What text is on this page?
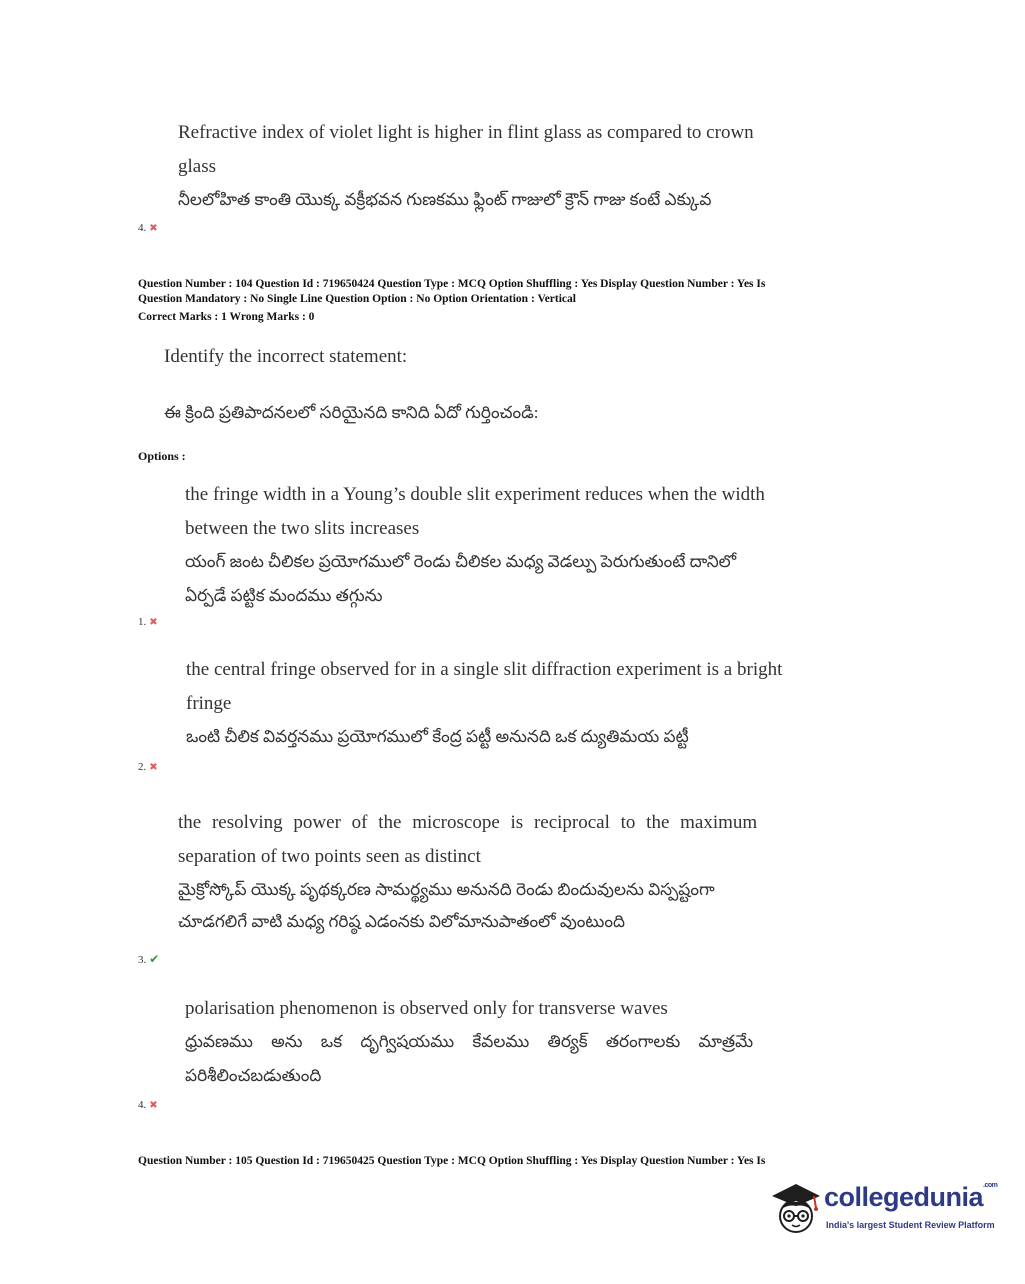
Refractive index of violet light is higher in flint glass as compared to crown
glass
నీలలోహిత కాంతి యొక్క వక్రీభవన గుణకము ఫ్లింట్ గాజులో క్రౌన్ గాజు కంటే ఎక్కువ
4. ✖
Question Number : 104 Question Id : 719650424 Question Type : MCQ Option Shuffling : Yes Display Question Number : Yes Is
Question Mandatory : No Single Line Question Option : No Option Orientation : Vertical
Correct Marks : 1 Wrong Marks : 0
Identify the incorrect statement:
ఈ క్రింది ప్రతిపాదనలలో సరియైనది కానిది ఏదో గుర్తించండి:
Options :
the fringe width in a Young’s double slit experiment reduces when the width
between the two slits increases
యంగ్ జంట చీలికల ప్రయోగములో రెండు చీలికల మధ్య వెడల్పు పెరుగుతుంటే దానిలో
ఏర్పడే పట్టిక మందము తగ్గును
1. ✖
the central fringe observed for in a single slit diffraction experiment is a bright
fringe
ఒంటి చీలిక వివర్తనము ప్రయోగములో కేంద్ర పట్టీ అనునది ఒక ద్యుతిమయ పట్టీ
2. ✖
the resolving power of the microscope is reciprocal to the maximum
separation of two points seen as distinct
మైక్రోస్కోప్ యొక్క పృథక్కరణ సామర్థ్యము అనునది రెండు బిందువులను విస్పష్టంగా
చూడగలిగే వాటి మధ్య గరిష్ఠ ఎడంనకు విలోమానుపాతంలో వుంటుంది
3. ✔
polarisation phenomenon is observed only for transverse waves
ధ్రువణము అను ఒక దృగ్విషయము కేవలము తిర్యక్ తరంగాలకు మాత్రమే
పరిశీలించబడుతుంది
4. ✖
Question Number : 105 Question Id : 719650425 Question Type : MCQ Option Shuffling : Yes Display Question Number : Yes Is
collegedunia$^{.com}$
India's largest Student Review Platform
